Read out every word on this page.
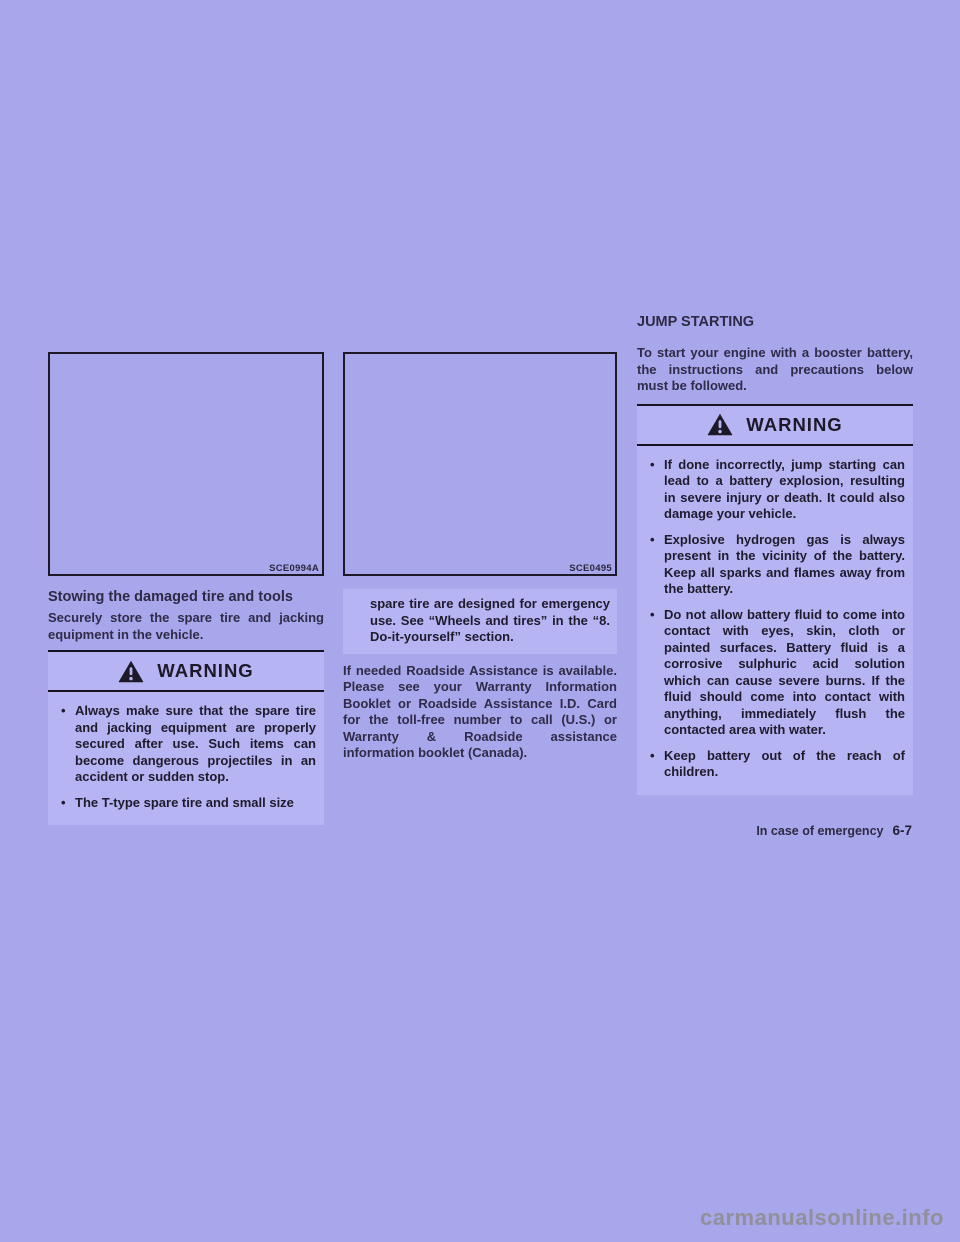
SCE0994A
Stowing the damaged tire and tools
Securely store the spare tire and jacking equipment in the vehicle.
WARNING
• Always make sure that the spare tire and jacking equipment are properly secured after use. Such items can become dangerous projectiles in an accident or sudden stop.
• The T-type spare tire and small size
SCE0495
spare tire are designed for emergency use. See “Wheels and tires” in the “8. Do-it-yourself” section.
If needed Roadside Assistance is available. Please see your Warranty Information Booklet or Roadside Assistance I.D. Card for the toll-free number to call (U.S.) or Warranty & Roadside assistance information booklet (Canada).
JUMP STARTING
To start your engine with a booster battery, the instructions and precautions below must be followed.
WARNING
• If done incorrectly, jump starting can lead to a battery explosion, resulting in severe injury or death. It could also damage your vehicle.
• Explosive hydrogen gas is always present in the vicinity of the battery. Keep all sparks and flames away from the battery.
• Do not allow battery fluid to come into contact with eyes, skin, cloth or painted surfaces. Battery fluid is a corrosive sulphuric acid solution which can cause severe burns. If the fluid should come into contact with anything, immediately flush the contacted area with water.
• Keep battery out of the reach of children.
In case of emergency 6-7
carmanualsonline.info
